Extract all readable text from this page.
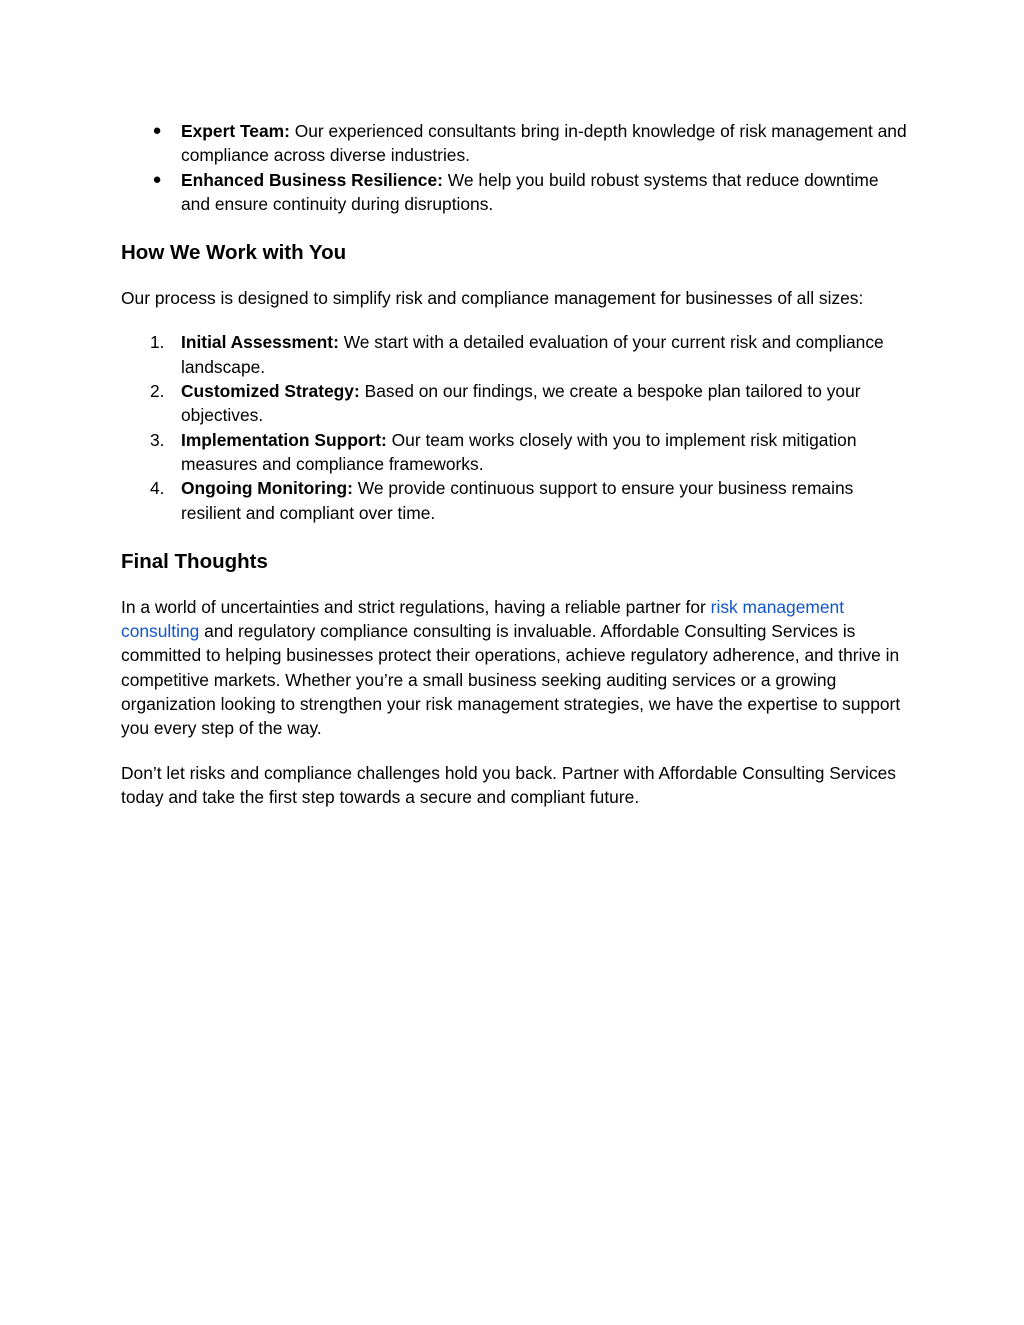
● Expert Team: Our experienced consultants bring in-depth knowledge of risk management and compliance across diverse industries.
● Enhanced Business Resilience: We help you build robust systems that reduce downtime and ensure continuity during disruptions.
How We Work with You

Our process is designed to simplify risk and compliance management for businesses of all sizes:

1. Initial Assessment: We start with a detailed evaluation of your current risk and compliance landscape.
2. Customized Strategy: Based on our findings, we create a bespoke plan tailored to your objectives.
3. Implementation Support: Our team works closely with you to implement risk mitigation measures and compliance frameworks.
4. Ongoing Monitoring: We provide continuous support to ensure your business remains resilient and compliant over time.
Final Thoughts

In a world of uncertainties and strict regulations, having a reliable partner for risk management consulting and regulatory compliance consulting is invaluable. Affordable Consulting Services is committed to helping businesses protect their operations, achieve regulatory adherence, and thrive in competitive markets. Whether you’re a small business seeking auditing services or a growing organization looking to strengthen your risk management strategies, we have the expertise to support you every step of the way.

Don’t let risks and compliance challenges hold you back. Partner with Affordable Consulting Services today and take the first step towards a secure and compliant future.
